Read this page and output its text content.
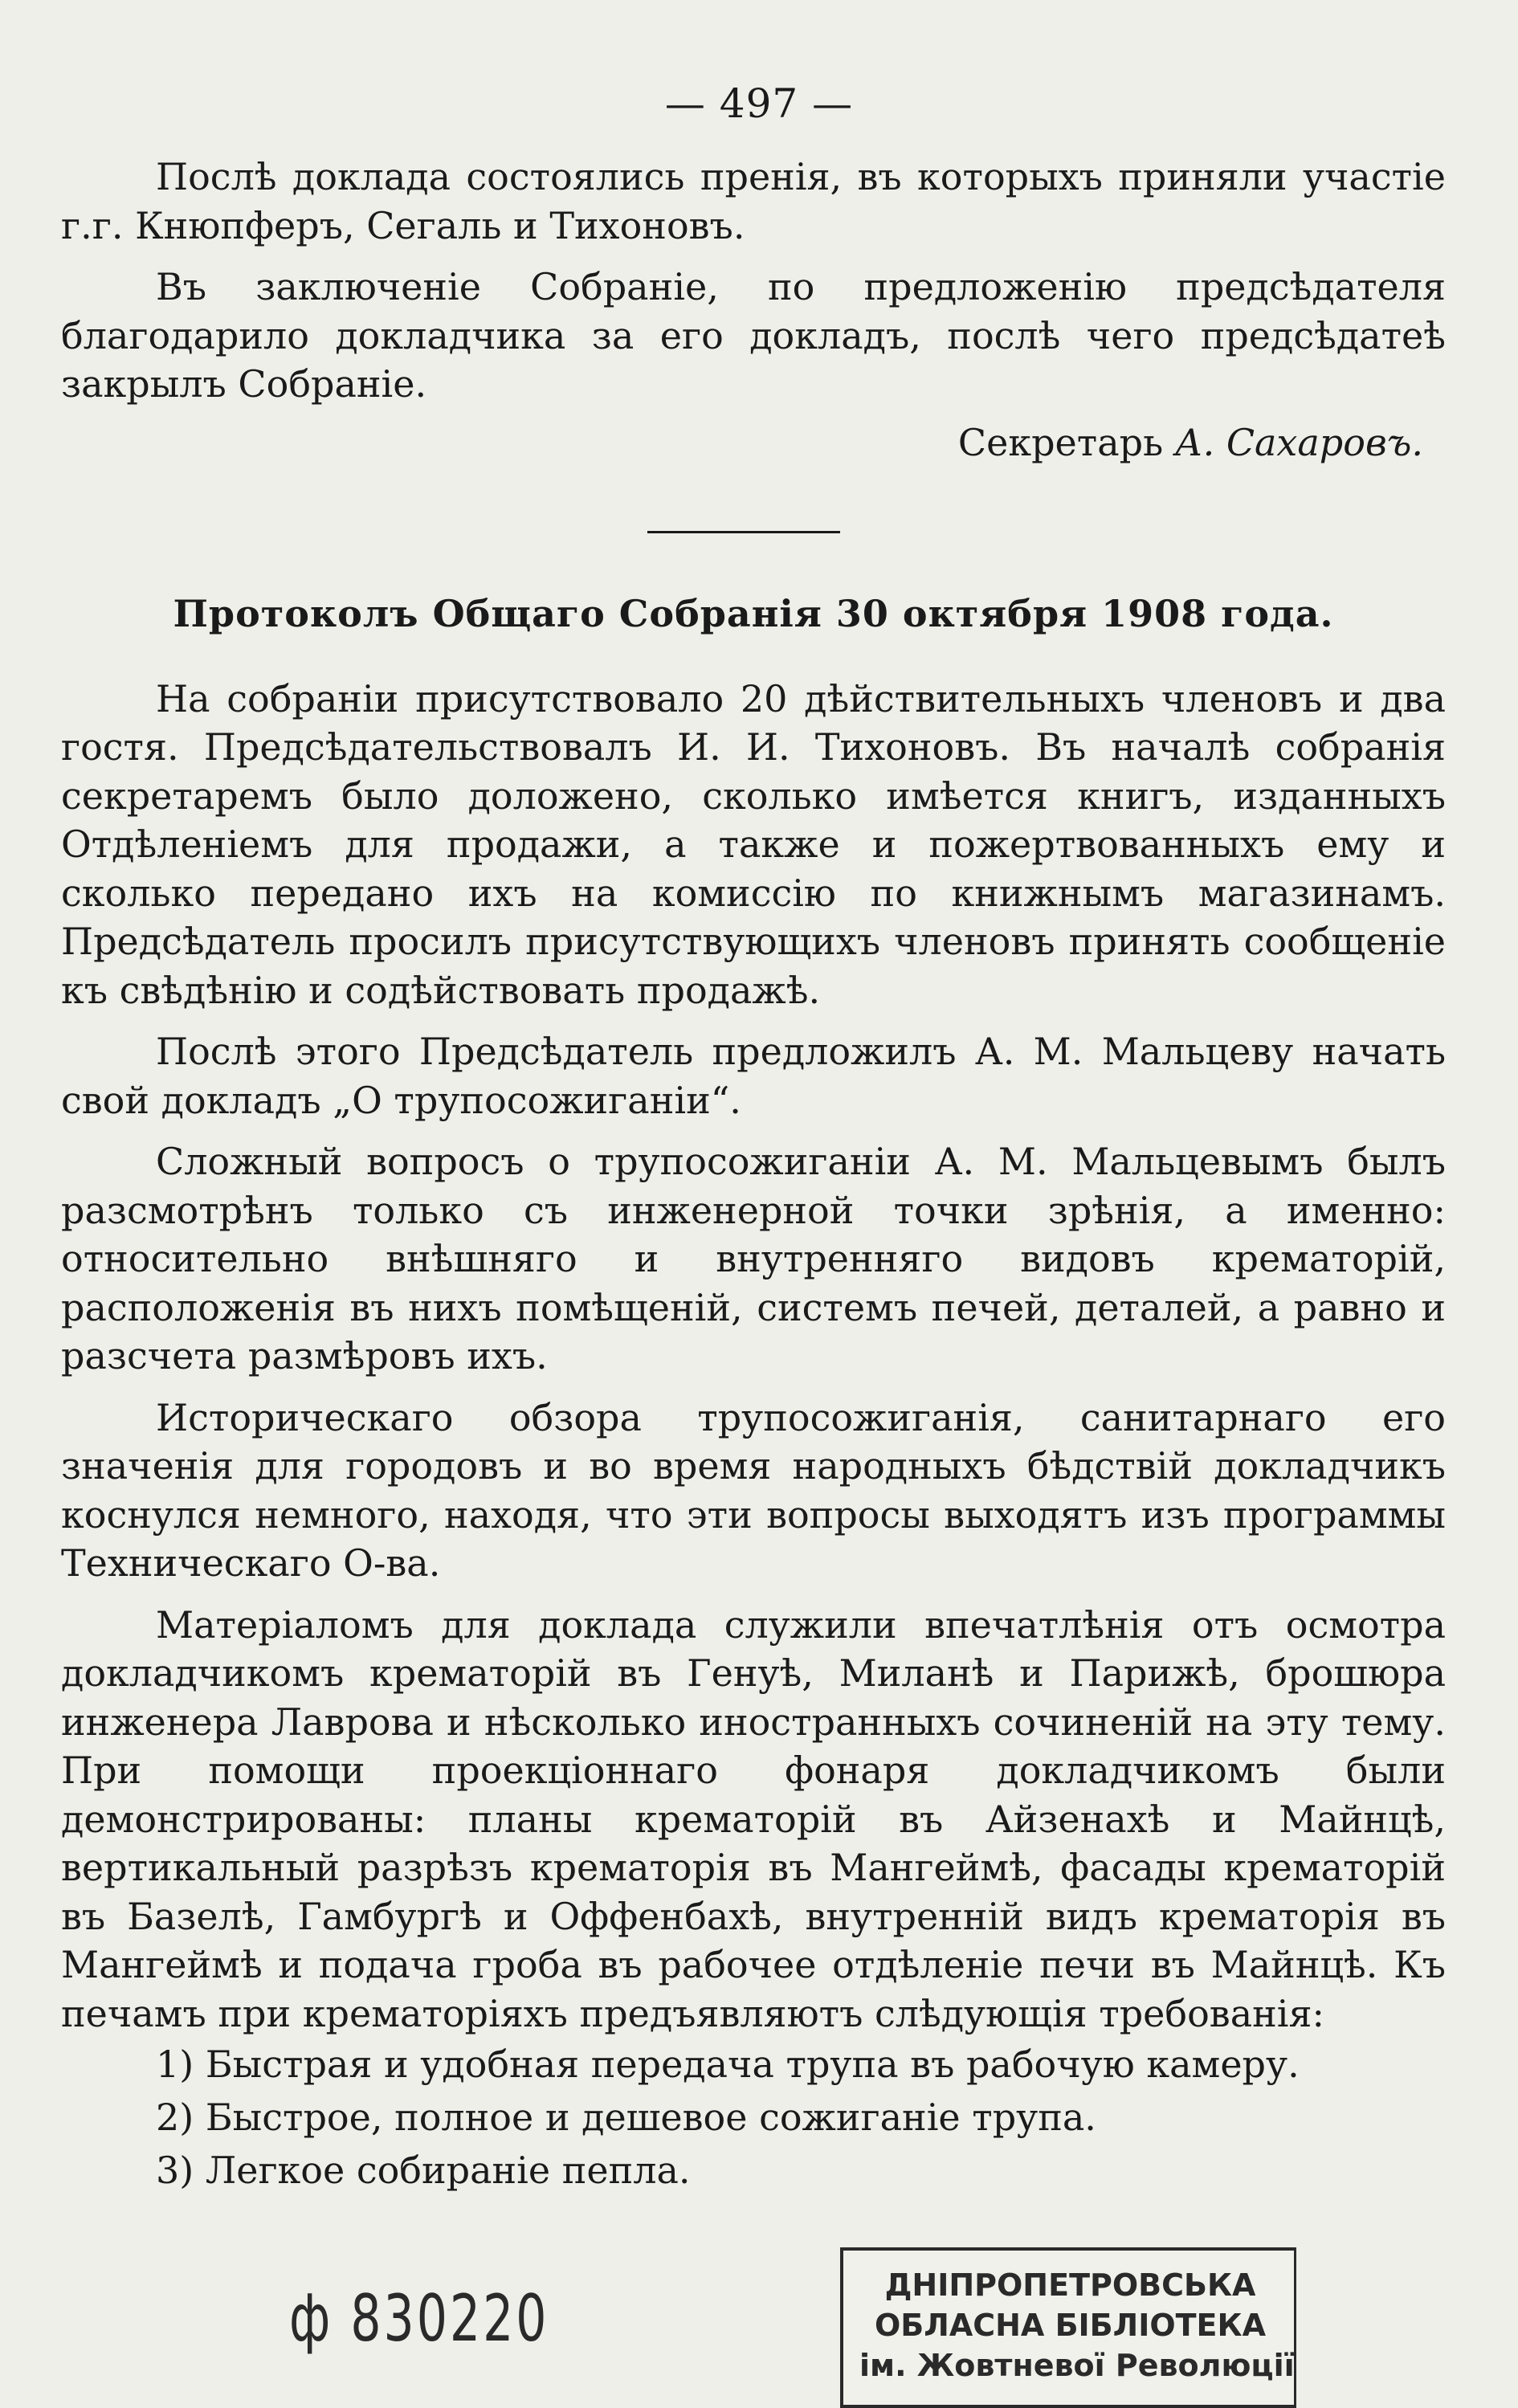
— 497 —

Послѣ доклада состоялись пренія, въ которыхъ приняли участіе г.г. Кнюпферъ, Сегаль и Тихоновъ.

Въ заключеніе Собраніе, по предложенію предсѣдателя благодарило докладчика за его докладъ, послѣ чего предсѣдатеѣ закрылъ Собраніе.

Секретарь А. Сахаровъ.
Протоколъ Общаго Собранія 30 октября 1908 года.

На собраніи присутствовало 20 дѣйствительныхъ членовъ и два гостя. Предсѣдательствовалъ И. И. Тихоновъ. Въ началѣ собранія секретаремъ было доложено, сколько имѣется книгъ, изданныхъ Отдѣленіемъ для продажи, а также и пожертвованныхъ ему и сколько передано ихъ на комиссію по книжнымъ магазинамъ. Предсѣдатель просилъ присутствующихъ членовъ принять сообщеніе къ свѣдѣнію и содѣйствовать продажѣ.

Послѣ этого Предсѣдатель предложилъ А. М. Мальцеву начать свой докладъ „О трупосожиганіи“.

Сложный вопросъ о трупосожиганіи А. М. Мальцевымъ былъ разсмотрѣнъ только съ инженерной точки зрѣнія, а именно: относительно внѣшняго и внутренняго видовъ крематорій, расположенія въ нихъ помѣщеній, системъ печей, деталей, а равно и разсчета размѣровъ ихъ.

Историческаго обзора трупосожиганія, санитарнаго его значенія для городовъ и во время народныхъ бѣдствій докладчикъ коснулся немного, находя, что эти вопросы выходятъ изъ программы Техническаго О-ва.

Матеріаломъ для доклада служили впечатлѣнія отъ осмотра докладчикомъ крематорій въ Генуѣ, Миланѣ и Парижѣ, брошюра инженера Лаврова и нѣсколько иностранныхъ сочиненій на эту тему. При помощи проекціоннаго фонаря докладчикомъ были демонстрированы: планы крематорій въ Айзенахѣ и Майнцѣ, вертикальный разрѣзъ крематорія въ Мангеймѣ, фасады крематорій въ Базелѣ, Гамбургѣ и Оффенбахѣ, внутренній видъ крематорія въ Мангеймѣ и подача гроба въ рабочее отдѣленіе печи въ Майнцѣ. Къ печамъ при крематоріяхъ предъявляютъ слѣдующія требованія:

1) Быстрая и удобная передача трупа въ рабочую камеру.
2) Быстрое, полное и дешевое сожиганіе трупа.
3) Легкое собираніе пепла.
ф 830220	ДНІПРОПЕТРОВСЬКА
ОБЛАСНА БІБЛІОТЕКА
ім. Жовтневої Революції
